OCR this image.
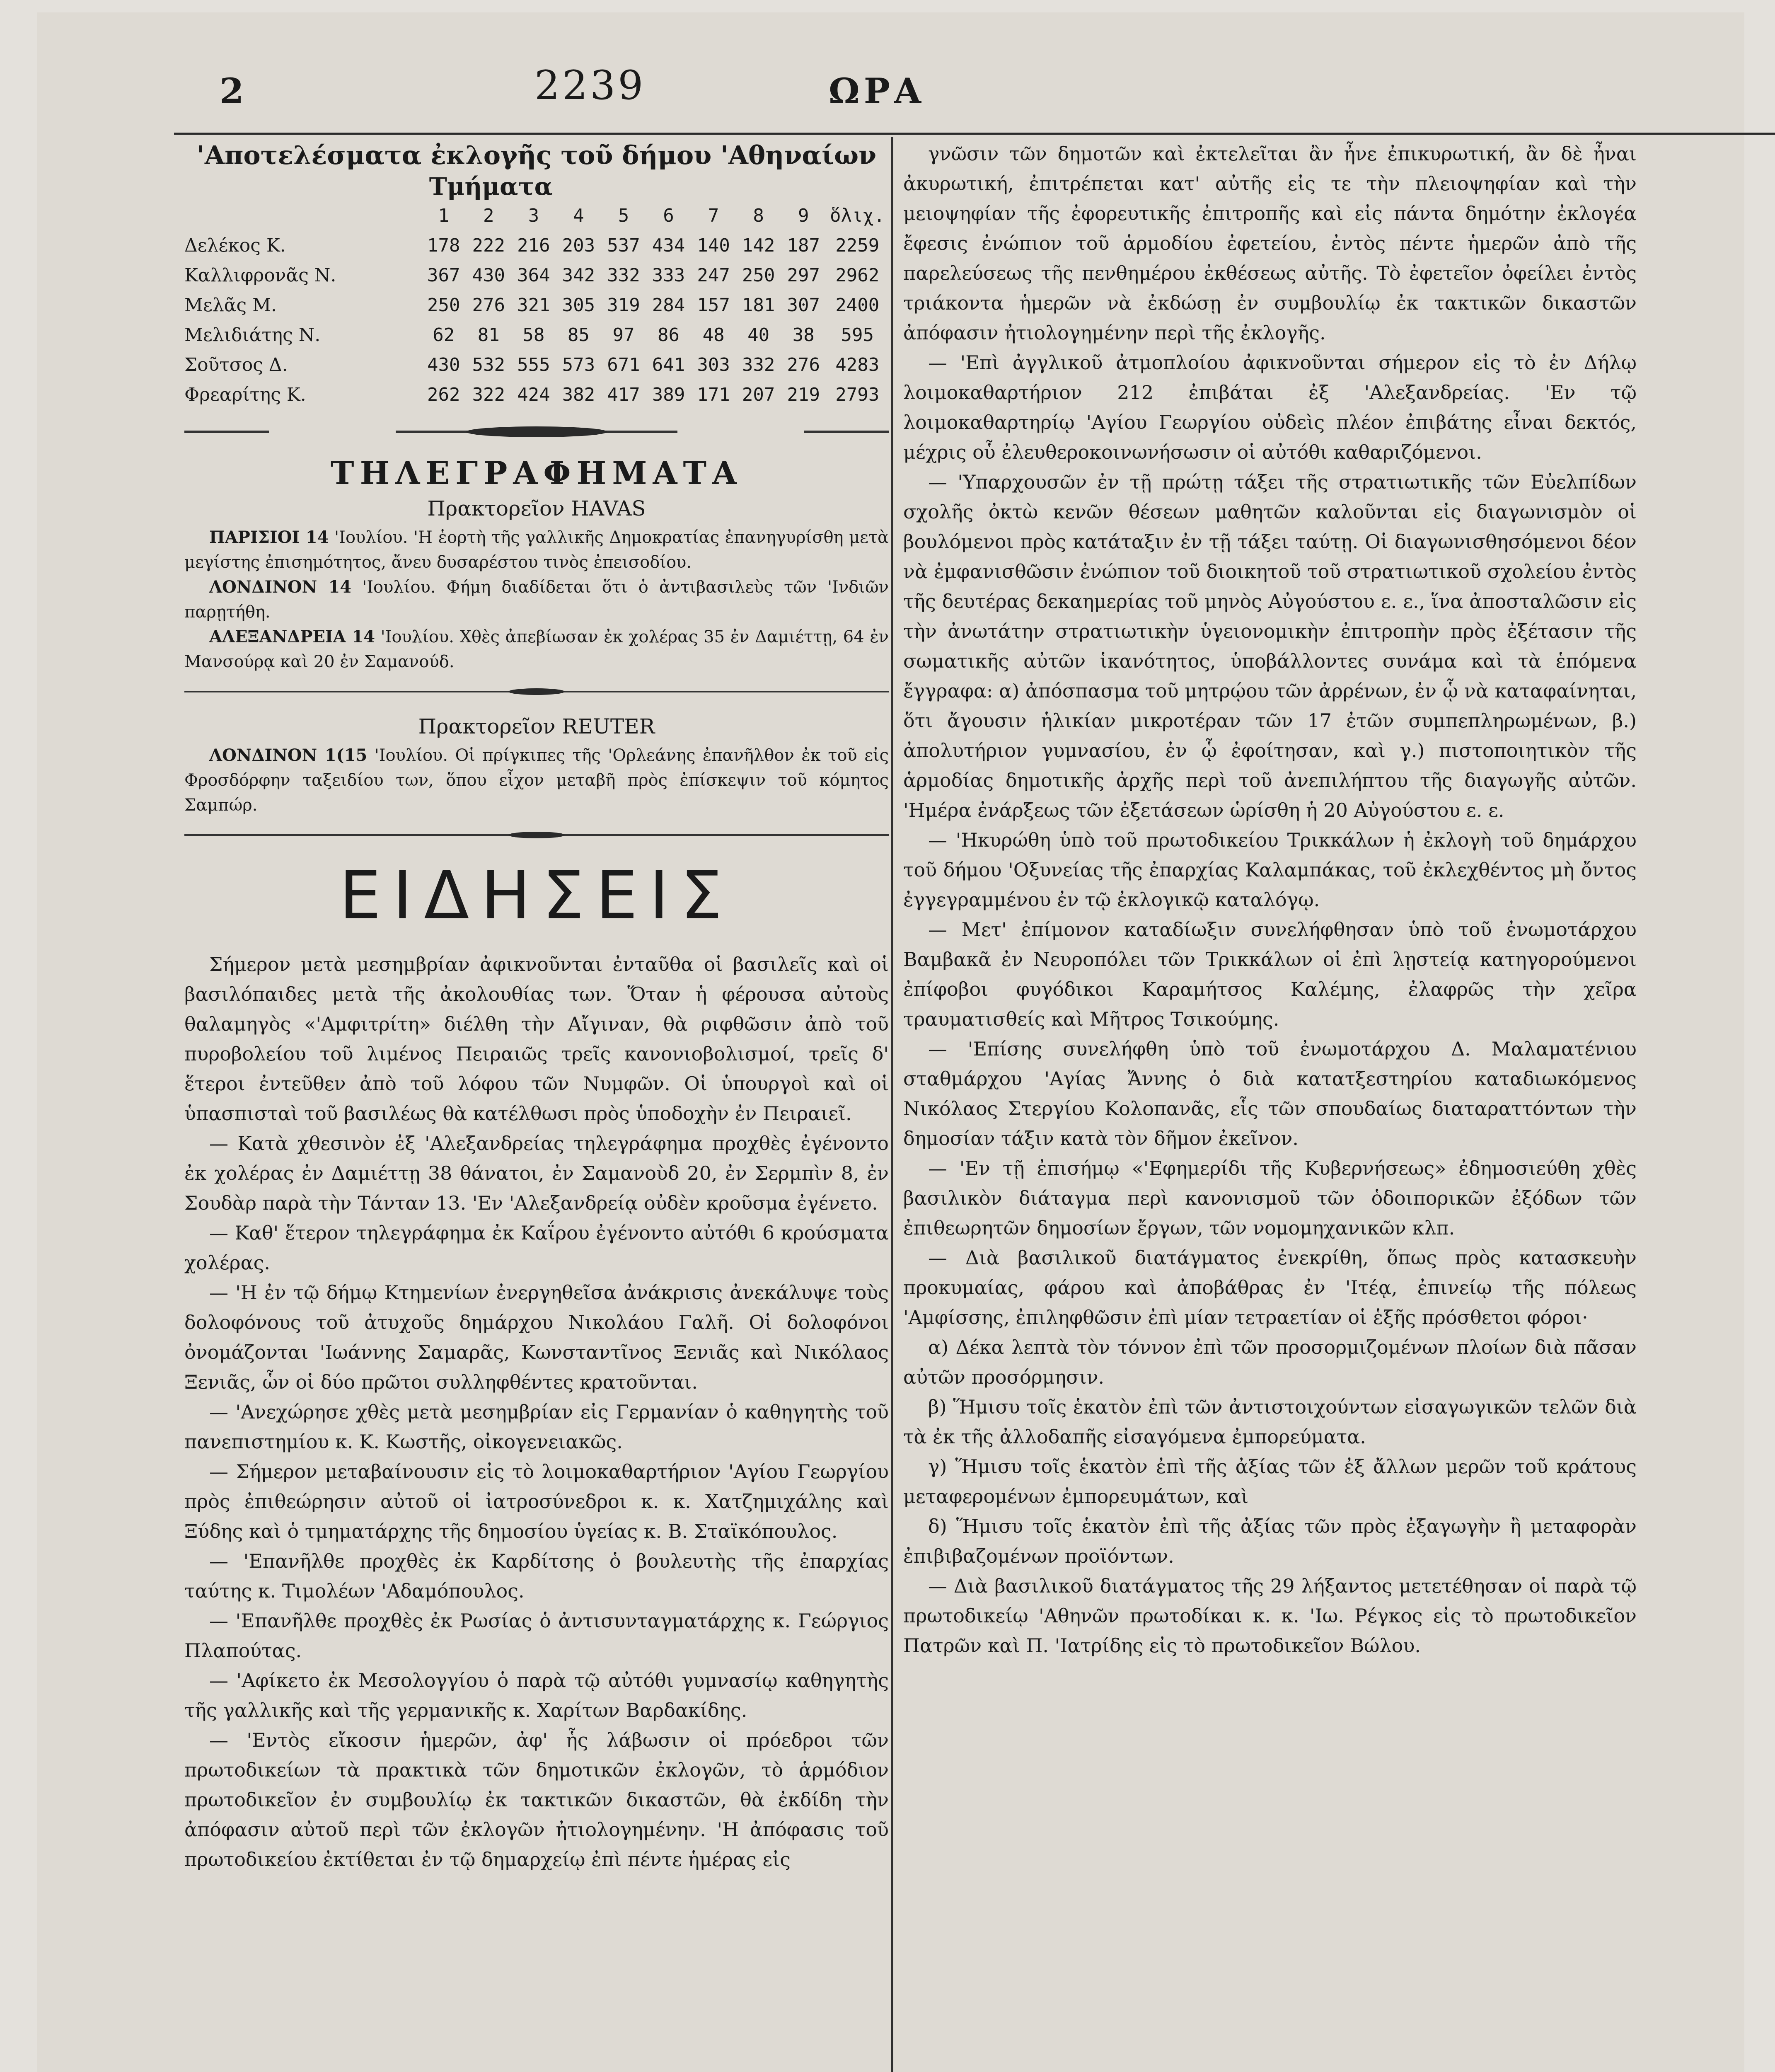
2	2239	ΩΡΑ
'Αποτελέσματα ἐκλογῆς τοῦ δήμου 'Αθηναίων
Τμήματα
	1	2	3	4	5	6	7	8	9	ὅλιχ.
Δελέκος Κ.	178	222	216	203	537	434	140	142	187	2259
Καλλιφρονᾶς Ν.	367	430	364	342	332	333	247	250	297	2962
Μελᾶς Μ.	250	276	321	305	319	284	157	181	307	2400
Μελιδιάτης Ν.	62	81	58	85	97	86	48	40	38	595
Σοῦτσος Δ.	430	532	555	573	671	641	303	332	276	4283
Φρεαρίτης Κ.	262	322	424	382	417	389	171	207	219	2793
ΤΗΛΕΓΡΑΦΗΜΑΤΑ
Πρακτορεῖον HAVAS

ΠΑΡΙΣΙΟΙ 14 'Ιουλίου. 'Η ἑορτὴ τῆς γαλλικῆς Δημοκρατίας ἐπανηγυρίσθη μετὰ μεγίστης ἐπισημότητος, ἄνευ δυσαρέστου τινὸς ἐπεισοδίου.

ΛΟΝΔΙΝΟΝ 14 'Ιουλίου. Φήμη διαδίδεται ὅτι ὁ ἀντιβασιλεὺς τῶν 'Ινδιῶν παρῃτήθη.

ΑΛΕΞΑΝΔΡΕΙΑ 14 'Ιουλίου. Χθὲς ἀπεβίωσαν ἐκ χολέρας 35 ἐν Δαμιέττῃ, 64 ἐν Μανσούρᾳ καὶ 20 ἐν Σαμανούδ.

Πρακτορεῖον REUTER

ΛΟΝΔΙΝΟΝ 1(15 'Ιουλίου. Οἱ πρίγκιπες τῆς 'Ορλεάνης ἐπανῆλθον ἐκ τοῦ εἰς Φροσδόρφην ταξειδίου των, ὅπου εἶχον μεταβῆ πρὸς ἐπίσκεψιν τοῦ κόμητος Σαμπώρ.

ΕΙΔΗΣΕΙΣ

Σήμερον μετὰ μεσημβρίαν ἀφικνοῦνται ἐνταῦθα οἱ βασιλεῖς καὶ οἱ βασιλόπαιδες μετὰ τῆς ἀκολουθίας των. Ὅταν ἡ φέρουσα αὐτοὺς θαλαμηγὸς «'Αμφιτρίτη» διέλθη τὴν Αἴγιναν, θὰ ριφθῶσιν ἀπὸ τοῦ πυροβολείου τοῦ λιμένος Πειραιῶς τρεῖς κανονιοβολισμοί, τρεῖς δ' ἕτεροι ἐντεῦθεν ἀπὸ τοῦ λόφου τῶν Νυμφῶν. Οἱ ὑπουργοὶ καὶ οἱ ὑπασπισταὶ τοῦ βασιλέως θὰ κατέλθωσι πρὸς ὑποδοχὴν ἐν Πειραιεῖ.

— Κατὰ χθεσινὸν ἐξ 'Αλεξανδρείας τηλεγράφημα προχθὲς ἐγένοντο ἐκ χολέρας ἐν Δαμιέττῃ 38 θάνατοι, ἐν Σαμανοὺδ 20, ἐν Σερμπὶν 8, ἐν Σουδὰρ παρὰ τὴν Τάνταν 13. 'Εν 'Αλεξανδρείᾳ οὐδὲν κροῦσμα ἐγένετο.

— Καθ' ἕτερον τηλεγράφημα ἐκ Καΐρου ἐγένοντο αὐτόθι 6 κρούσματα χολέρας.

— 'Η ἐν τῷ δήμῳ Κτημενίων ἐνεργηθεῖσα ἀνάκρισις ἀνεκάλυψε τοὺς δολοφόνους τοῦ ἀτυχοῦς δημάρχου Νικολάου Γαλῆ. Οἱ δολοφόνοι ὀνομάζονται 'Ιωάννης Σαμαρᾶς, Κωνσταντῖνος Ξενιᾶς καὶ Νικόλαος Ξενιᾶς, ὧν οἱ δύο πρῶτοι συλληφθέντες κρατοῦνται.

— 'Ανεχώρησε χθὲς μετὰ μεσημβρίαν εἰς Γερμανίαν ὁ καθηγητὴς τοῦ πανεπιστημίου κ. Κ. Κωστῆς, οἰκογενειακῶς.

— Σήμερον μεταβαίνουσιν εἰς τὸ λοιμοκαθαρτήριον 'Αγίου Γεωργίου πρὸς ἐπιθεώρησιν αὐτοῦ οἱ ἰατροσύνεδροι κ. κ. Χατζημιχάλης καὶ Ξύδης καὶ ὁ τμηματάρχης τῆς δημοσίου ὑγείας κ. Β. Σταϊκόπουλος.

— 'Επανῆλθε προχθὲς ἐκ Καρδίτσης ὁ βουλευτὴς τῆς ἐπαρχίας ταύτης κ. Τιμολέων 'Αδαμόπουλος.

— 'Επανῆλθε προχθὲς ἐκ Ρωσίας ὁ ἀντισυνταγματάρχης κ. Γεώργιος Πλαπούτας.

— 'Αφίκετο ἐκ Μεσολογγίου ὁ παρὰ τῷ αὐτόθι γυμνασίῳ καθηγητὴς τῆς γαλλικῆς καὶ τῆς γερμανικῆς κ. Χαρίτων Βαρδακίδης.

— 'Εντὸς εἴκοσιν ἡμερῶν, ἀφ' ἧς λάβωσιν οἱ πρόεδροι τῶν πρωτοδικείων τὰ πρακτικὰ τῶν δημοτικῶν ἐκλογῶν, τὸ ἁρμόδιον πρωτοδικεῖον ἐν συμβουλίῳ ἐκ τακτικῶν δικαστῶν, θὰ ἐκδίδη τὴν ἀπόφασιν αὐτοῦ περὶ τῶν ἐκλογῶν ἠτιολογημένην. 'Η ἀπόφασις τοῦ πρωτοδικείου ἐκτίθεται ἐν τῷ δημαρχείῳ ἐπὶ πέντε ἡμέρας εἰς

γνῶσιν τῶν δημοτῶν καὶ ἐκτελεῖται ἂν ἦνε ἐπικυρωτική, ἂν δὲ ἦναι ἀκυρωτική, ἐπιτρέπεται κατ' αὐτῆς εἰς τε τὴν πλειοψηφίαν καὶ τὴν μειοψηφίαν τῆς ἐφορευτικῆς ἐπιτροπῆς καὶ εἰς πάντα δημότην ἐκλογέα ἔφεσις ἐνώπιον τοῦ ἁρμοδίου ἐφετείου, ἐντὸς πέντε ἡμερῶν ἀπὸ τῆς παρελεύσεως τῆς πενθημέρου ἐκθέσεως αὐτῆς. Τὸ ἐφετεῖον ὀφείλει ἐντὸς τριάκοντα ἡμερῶν νὰ ἐκδώσῃ ἐν συμβουλίῳ ἐκ τακτικῶν δικαστῶν ἀπόφασιν ἠτιολογημένην περὶ τῆς ἐκλογῆς.

— 'Επὶ ἀγγλικοῦ ἀτμοπλοίου ἀφικνοῦνται σήμερον εἰς τὸ ἐν Δήλῳ λοιμοκαθαρτήριον 212 ἐπιβάται ἐξ 'Αλεξανδρείας. 'Εν τῷ λοιμοκαθαρτηρίῳ 'Αγίου Γεωργίου οὐδεὶς πλέον ἐπιβάτης εἶναι δεκτός, μέχρις οὗ ἐλευθεροκοινωνήσωσιν οἱ αὐτόθι καθαριζόμενοι.

— 'Υπαρχουσῶν ἐν τῇ πρώτῃ τάξει τῆς στρατιωτικῆς τῶν Εὐελπίδων σχολῆς ὀκτὼ κενῶν θέσεων μαθητῶν καλοῦνται εἰς διαγωνισμὸν οἱ βουλόμενοι πρὸς κατάταξιν ἐν τῇ τάξει ταύτῃ. Οἱ διαγωνισθησόμενοι δέον νὰ ἐμφανισθῶσιν ἐνώπιον τοῦ διοικητοῦ τοῦ στρατιωτικοῦ σχολείου ἐντὸς τῆς δευτέρας δεκαημερίας τοῦ μηνὸς Αὐγούστου ε. ε., ἵνα ἀποσταλῶσιν εἰς τὴν ἀνωτάτην στρατιωτικὴν ὑγειονομικὴν ἐπιτροπὴν πρὸς ἐξέτασιν τῆς σωματικῆς αὐτῶν ἱκανότητος, ὑποβάλλοντες συνάμα καὶ τὰ ἑπόμενα ἔγγραφα: α) ἀπόσπασμα τοῦ μητρῴου τῶν ἀρρένων, ἐν ᾧ νὰ καταφαίνηται, ὅτι ἄγουσιν ἡλικίαν μικροτέραν τῶν 17 ἐτῶν συμπεπληρωμένων, β.) ἀπολυτήριον γυμνασίου, ἐν ᾧ ἐφοίτησαν, καὶ γ.) πιστοποιητικὸν τῆς ἁρμοδίας δημοτικῆς ἀρχῆς περὶ τοῦ ἀνεπιλήπτου τῆς διαγωγῆς αὐτῶν. 'Ημέρα ἐνάρξεως τῶν ἐξετάσεων ὡρίσθη ἡ 20 Αὐγούστου ε. ε.

— 'Ηκυρώθη ὑπὸ τοῦ πρωτοδικείου Τρικκάλων ἡ ἐκλογὴ τοῦ δημάρχου τοῦ δήμου 'Οξυνείας τῆς ἐπαρχίας Καλαμπάκας, τοῦ ἐκλεχθέντος μὴ ὄντος ἐγγεγραμμένου ἐν τῷ ἐκλογικῷ καταλόγῳ.

— Μετ' ἐπίμονον καταδίωξιν συνελήφθησαν ὑπὸ τοῦ ἐνωμοτάρχου Βαμβακᾶ ἐν Νευροπόλει τῶν Τρικκάλων οἱ ἐπὶ λῃστείᾳ κατηγορούμενοι ἐπίφοβοι φυγόδικοι Καραμήτσος Καλέμης, ἐλαφρῶς τὴν χεῖρα τραυματισθείς καὶ Μῆτρος Τσικούμης.

— 'Επίσης συνελήφθη ὑπὸ τοῦ ἐνωμοτάρχου Δ. Μαλαματένιου σταθμάρχου 'Αγίας Ἄννης ὁ διὰ κατατξεστηρίου καταδιωκόμενος Νικόλαος Στεργίου Κολοπανᾶς, εἷς τῶν σπουδαίως διαταραττόντων τὴν δημοσίαν τάξιν κατὰ τὸν δῆμον ἐκεῖνον.

— 'Εν τῇ ἐπισήμῳ «'Εφημερίδι τῆς Κυβερνήσεως» ἐδημοσιεύθη χθὲς βασιλικὸν διάταγμα περὶ κανονισμοῦ τῶν ὁδοιπορικῶν ἐξόδων τῶν ἐπιθεωρητῶν δημοσίων ἔργων, τῶν νομομηχανικῶν κλπ.

— Διὰ βασιλικοῦ διατάγματος ἐνεκρίθη, ὅπως πρὸς κατασκευὴν προκυμαίας, φάρου καὶ ἀποβάθρας ἐν 'Ιτέᾳ, ἐπινείῳ τῆς πόλεως 'Αμφίσσης, ἐπιληφθῶσιν ἐπὶ μίαν τετραετίαν οἱ ἑξῆς πρόσθετοι φόροι·

α) Δέκα λεπτὰ τὸν τόννον ἐπὶ τῶν προσορμιζομένων πλοίων διὰ πᾶσαν αὐτῶν προσόρμησιν.

β) Ἥμισυ τοῖς ἑκατὸν ἐπὶ τῶν ἀντιστοιχούντων εἰσαγωγικῶν τελῶν διὰ τὰ ἐκ τῆς ἀλλοδαπῆς εἰσαγόμενα ἐμπορεύματα.

γ) Ἥμισυ τοῖς ἑκατὸν ἐπὶ τῆς ἀξίας τῶν ἐξ ἄλλων μερῶν τοῦ κράτους μεταφερομένων ἐμπορευμάτων, καὶ

δ) Ἥμισυ τοῖς ἑκατὸν ἐπὶ τῆς ἀξίας τῶν πρὸς ἐξαγωγὴν ἢ μεταφορὰν ἐπιβιβαζομένων προϊόντων.

— Διὰ βασιλικοῦ διατάγματος τῆς 29 λήξαντος μετετέθησαν οἱ παρὰ τῷ πρωτοδικείῳ 'Αθηνῶν πρωτοδίκαι κ. κ. 'Ιω. Ρέγκος εἰς τὸ πρωτοδικεῖον Πατρῶν καὶ Π. 'Ιατρίδης εἰς τὸ πρωτοδικεῖον Βώλου.
